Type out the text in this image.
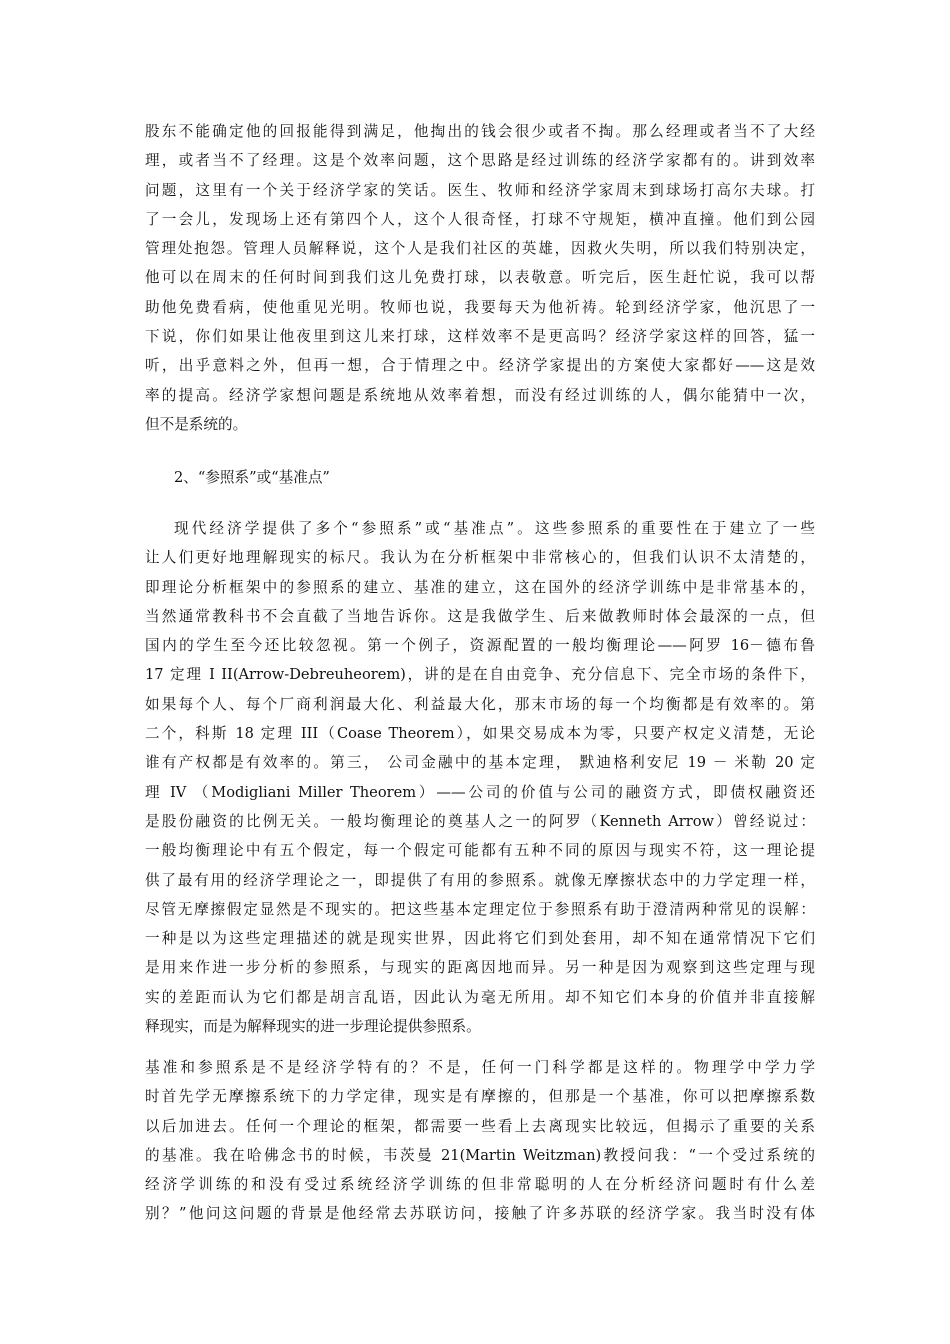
股东不能确定他的回报能得到满足，他掏出的钱会很少或者不掏。那么经理或者当不了大经
理，或者当不了经理。这是个效率问题，这个思路是经过训练的经济学家都有的。讲到效率
问题，这里有一个关于经济学家的笑话。医生、牧师和经济学家周末到球场打高尔夫球。打
了一会儿，发现场上还有第四个人，这个人很奇怪，打球不守规矩，横冲直撞。他们到公园
管理处抱怨。管理人员解释说，这个人是我们社区的英雄，因救火失明，所以我们特别决定，
他可以在周末的任何时间到我们这儿免费打球，以表敬意。听完后，医生赶忙说，我可以帮
助他免费看病，使他重见光明。牧师也说，我要每天为他祈祷。轮到经济学家，他沉思了一
下说，你们如果让他夜里到这儿来打球，这样效率不是更高吗？经济学家这样的回答，猛一
听，出乎意料之外，但再一想，合于情理之中。经济学家提出的方案使大家都好——这是效
率的提高。经济学家想问题是系统地从效率着想，而没有经过训练的人，偶尔能猜中一次，
但不是系统的。
2、“参照系”或“基准点”
现代经济学提供了多个“参照系”或“基准点”。这些参照系的重要性在于建立了一些
让人们更好地理解现实的标尺。我认为在分析框架中非常核心的，但我们认识不太清楚的，
即理论分析框架中的参照系的建立、基准的建立，这在国外的经济学训练中是非常基本的，
当然通常教科书不会直截了当地告诉你。这是我做学生、后来做教师时体会最深的一点，但
国内的学生至今还比较忽视。第一个例子，资源配置的一般均衡理论——阿罗 16－德布鲁
17 定理 I II(Arrow-Debreuheorem)，讲的是在自由竞争、充分信息下、完全市场的条件下，
如果每个人、每个厂商利润最大化、利益最大化，那末市场的每一个均衡都是有效率的。第
二个，科斯 18 定理 III（Coase Theorem），如果交易成本为零，只要产权定义清楚，无论
谁有产权都是有效率的。第三， 公司金融中的基本定理， 默迪格利安尼 19 － 米勒 20 定
理 IV （Modigliani Miller Theorem）——公司的价值与公司的融资方式，即债权融资还
是股份融资的比例无关。一般均衡理论的奠基人之一的阿罗（Kenneth Arrow）曾经说过：
一般均衡理论中有五个假定，每一个假定可能都有五种不同的原因与现实不符，这一理论提
供了最有用的经济学理论之一，即提供了有用的参照系。就像无摩擦状态中的力学定理一样，
尽管无摩擦假定显然是不现实的。把这些基本定理定位于参照系有助于澄清两种常见的误解：
一种是以为这些定理描述的就是现实世界，因此将它们到处套用，却不知在通常情况下它们
是用来作进一步分析的参照系，与现实的距离因地而异。另一种是因为观察到这些定理与现
实的差距而认为它们都是胡言乱语，因此认为毫无所用。却不知它们本身的价值并非直接解
释现实，而是为解释现实的进一步理论提供参照系。
基准和参照系是不是经济学特有的？不是，任何一门科学都是这样的。物理学中学力学
时首先学无摩擦系统下的力学定律，现实是有摩擦的，但那是一个基准，你可以把摩擦系数
以后加进去。任何一个理论的框架，都需要一些看上去离现实比较远，但揭示了重要的关系
的基准。我在哈佛念书的时候，韦茨曼 21(Martin Weitzman)教授问我：“一个受过系统的
经济学训练的和没有受过系统经济学训练的但非常聪明的人在分析经济问题时有什么差
别？”他问这问题的背景是他经常去苏联访问，接触了许多苏联的经济学家。我当时没有体
